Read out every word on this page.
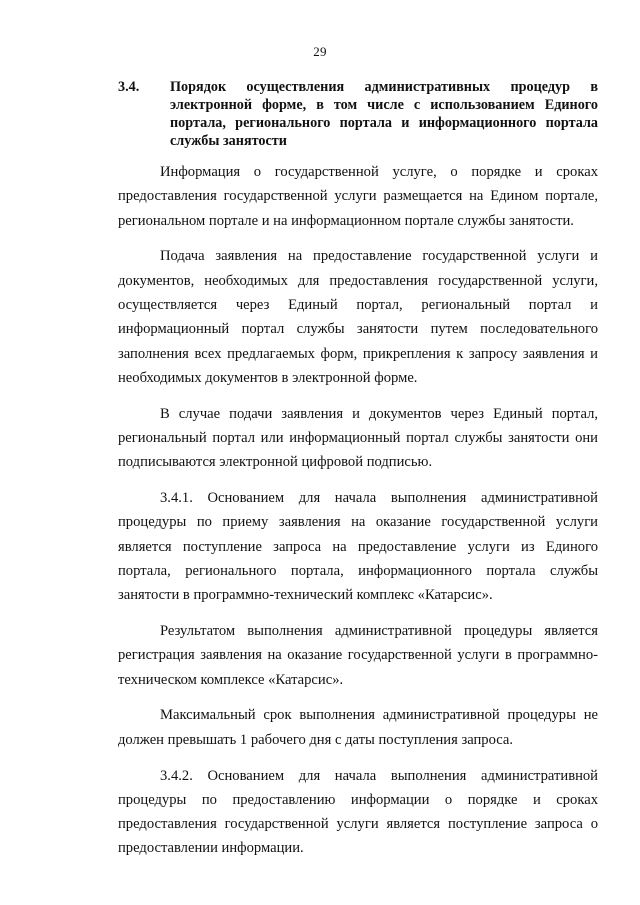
29
3.4. Порядок осуществления административных процедур в электронной форме, в том числе с использованием Единого портала, регионального портала и информационного портала службы занятости

Информация о государственной услуге, о порядке и сроках предоставления государственной услуги размещается на Едином портале, региональном портале и на информационном портале службы занятости.

Подача заявления на предоставление государственной услуги и документов, необходимых для предоставления государственной услуги, осуществляется через Единый портал, региональный портал и информационный портал службы занятости путем последовательного заполнения всех предлагаемых форм, прикрепления к запросу заявления и необходимых документов в электронной форме.

В случае подачи заявления и документов через Единый портал, региональный портал или информационный портал службы занятости они подписываются электронной цифровой подписью.

3.4.1. Основанием для начала выполнения административной процедуры по приему заявления на оказание государственной услуги является поступление запроса на предоставление услуги из Единого портала, регионального портала, информационного портала службы занятости в программно-технический комплекс «Катарсис».

Результатом выполнения административной процедуры является регистрация заявления на оказание государственной услуги в программно-техническом комплексе «Катарсис».

Максимальный срок выполнения административной процедуры не должен превышать 1 рабочего дня с даты поступления запроса.

3.4.2. Основанием для начала выполнения административной процедуры по предоставлению информации о порядке и сроках предоставления государственной услуги является поступление запроса о предоставлении информации.
